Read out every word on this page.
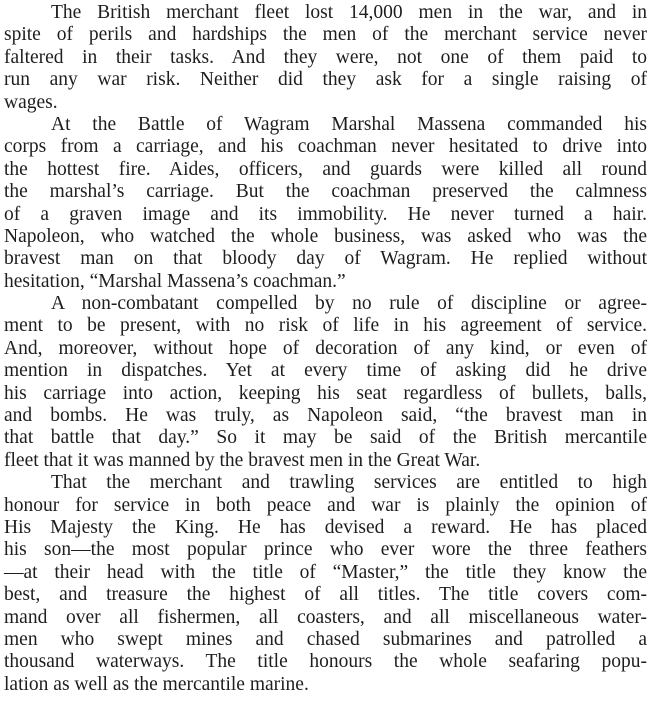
The British merchant fleet lost 14,000 men in the war, and in
spite of perils and hardships the men of the merchant service never
faltered in their tasks. And they were, not one of them paid to
run any war risk. Neither did they ask for a single raising of
wages.
At the Battle of Wagram Marshal Massena commanded his
corps from a carriage, and his coachman never hesitated to drive into
the hottest fire. Aides, officers, and guards were killed all round
the marshal’s carriage. But the coachman preserved the calmness
of a graven image and its immobility. He never turned a hair.
Napoleon, who watched the whole business, was asked who was the
bravest man on that bloody day of Wagram. He replied without
hesitation, “Marshal Massena’s coachman.”
A non-combatant compelled by no rule of discipline or agree-
ment to be present, with no risk of life in his agreement of service.
And, moreover, without hope of decoration of any kind, or even of
mention in dispatches. Yet at every time of asking did he drive
his carriage into action, keeping his seat regardless of bullets, balls,
and bombs. He was truly, as Napoleon said, “the bravest man in
that battle that day.” So it may be said of the British mercantile
fleet that it was manned by the bravest men in the Great War.
That the merchant and trawling services are entitled to high
honour for service in both peace and war is plainly the opinion of
His Majesty the King. He has devised a reward. He has placed
his son—the most popular prince who ever wore the three feathers
—at their head with the title of “Master,” the title they know the
best, and treasure the highest of all titles. The title covers com-
mand over all fishermen, all coasters, and all miscellaneous water-
men who swept mines and chased submarines and patrolled a
thousand waterways. The title honours the whole seafaring popu-
lation as well as the mercantile marine.
